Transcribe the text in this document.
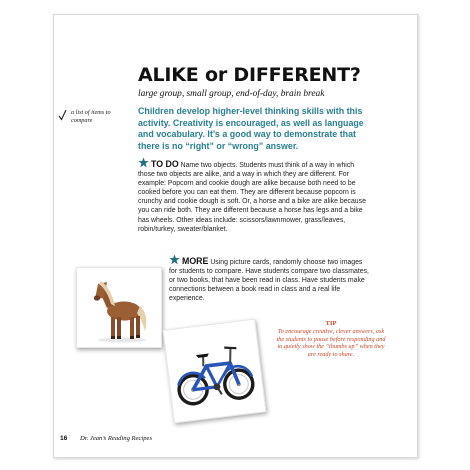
ALIKE or DIFFERENT?
large group, small group, end-of-day, brain break
a list of items to compare

Children develop higher-level thinking skills with this activity. Creativity is encouraged, as well as language and vocabulary. It’s a good way to demonstrate that there is no “right” or “wrong” answer.

TO DO Name two objects. Students must think of a way in which those two objects are alike, and a way in which they are different. For example: Popcorn and cookie dough are alike because both need to be cooked before you can eat them. They are different because popcorn is crunchy and cookie dough is soft. Or, a horse and a bike are alike because you can ride both. They are different because a horse has legs and a bike has wheels. Other ideas include: scissors/lawnmower, grass/leaves, robin/turkey, sweater/blanket.

MORE Using picture cards, randomly choose two images for students to compare. Have students compare two classmates, or two books, that have been read in class. Have students make connections between a book read in class and a real life experience.

TIP

To encourage creative, clever answers, ask the students to pause before responding and to quietly show the “thumbs up” when they are ready to share.

16 Dr. Jean’s Reading Recipes
